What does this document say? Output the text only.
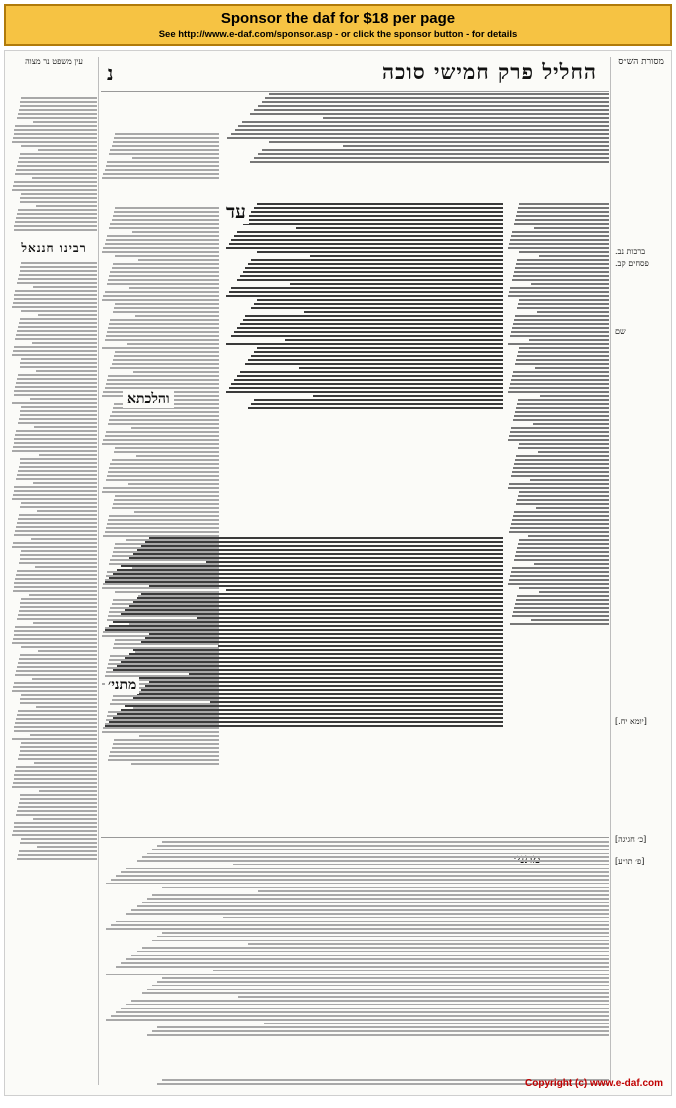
Sponsor the daf for $18 per page
See http://www.e-daf.com/sponsor.asp - or click the sponsor button - for details
עין משפט נר מצוה
רבינו חננאל
נ	החליל פרק חמישי סוכה
עד
והלכתא
מתני׳
מסורת הש״ס
ברכות נב.
פסחים קב.
שם
[יומא יח.]
[כ׳ חגיגה]
[פ׳ תו״ע]
Copyright (c) www.e-daf.com
